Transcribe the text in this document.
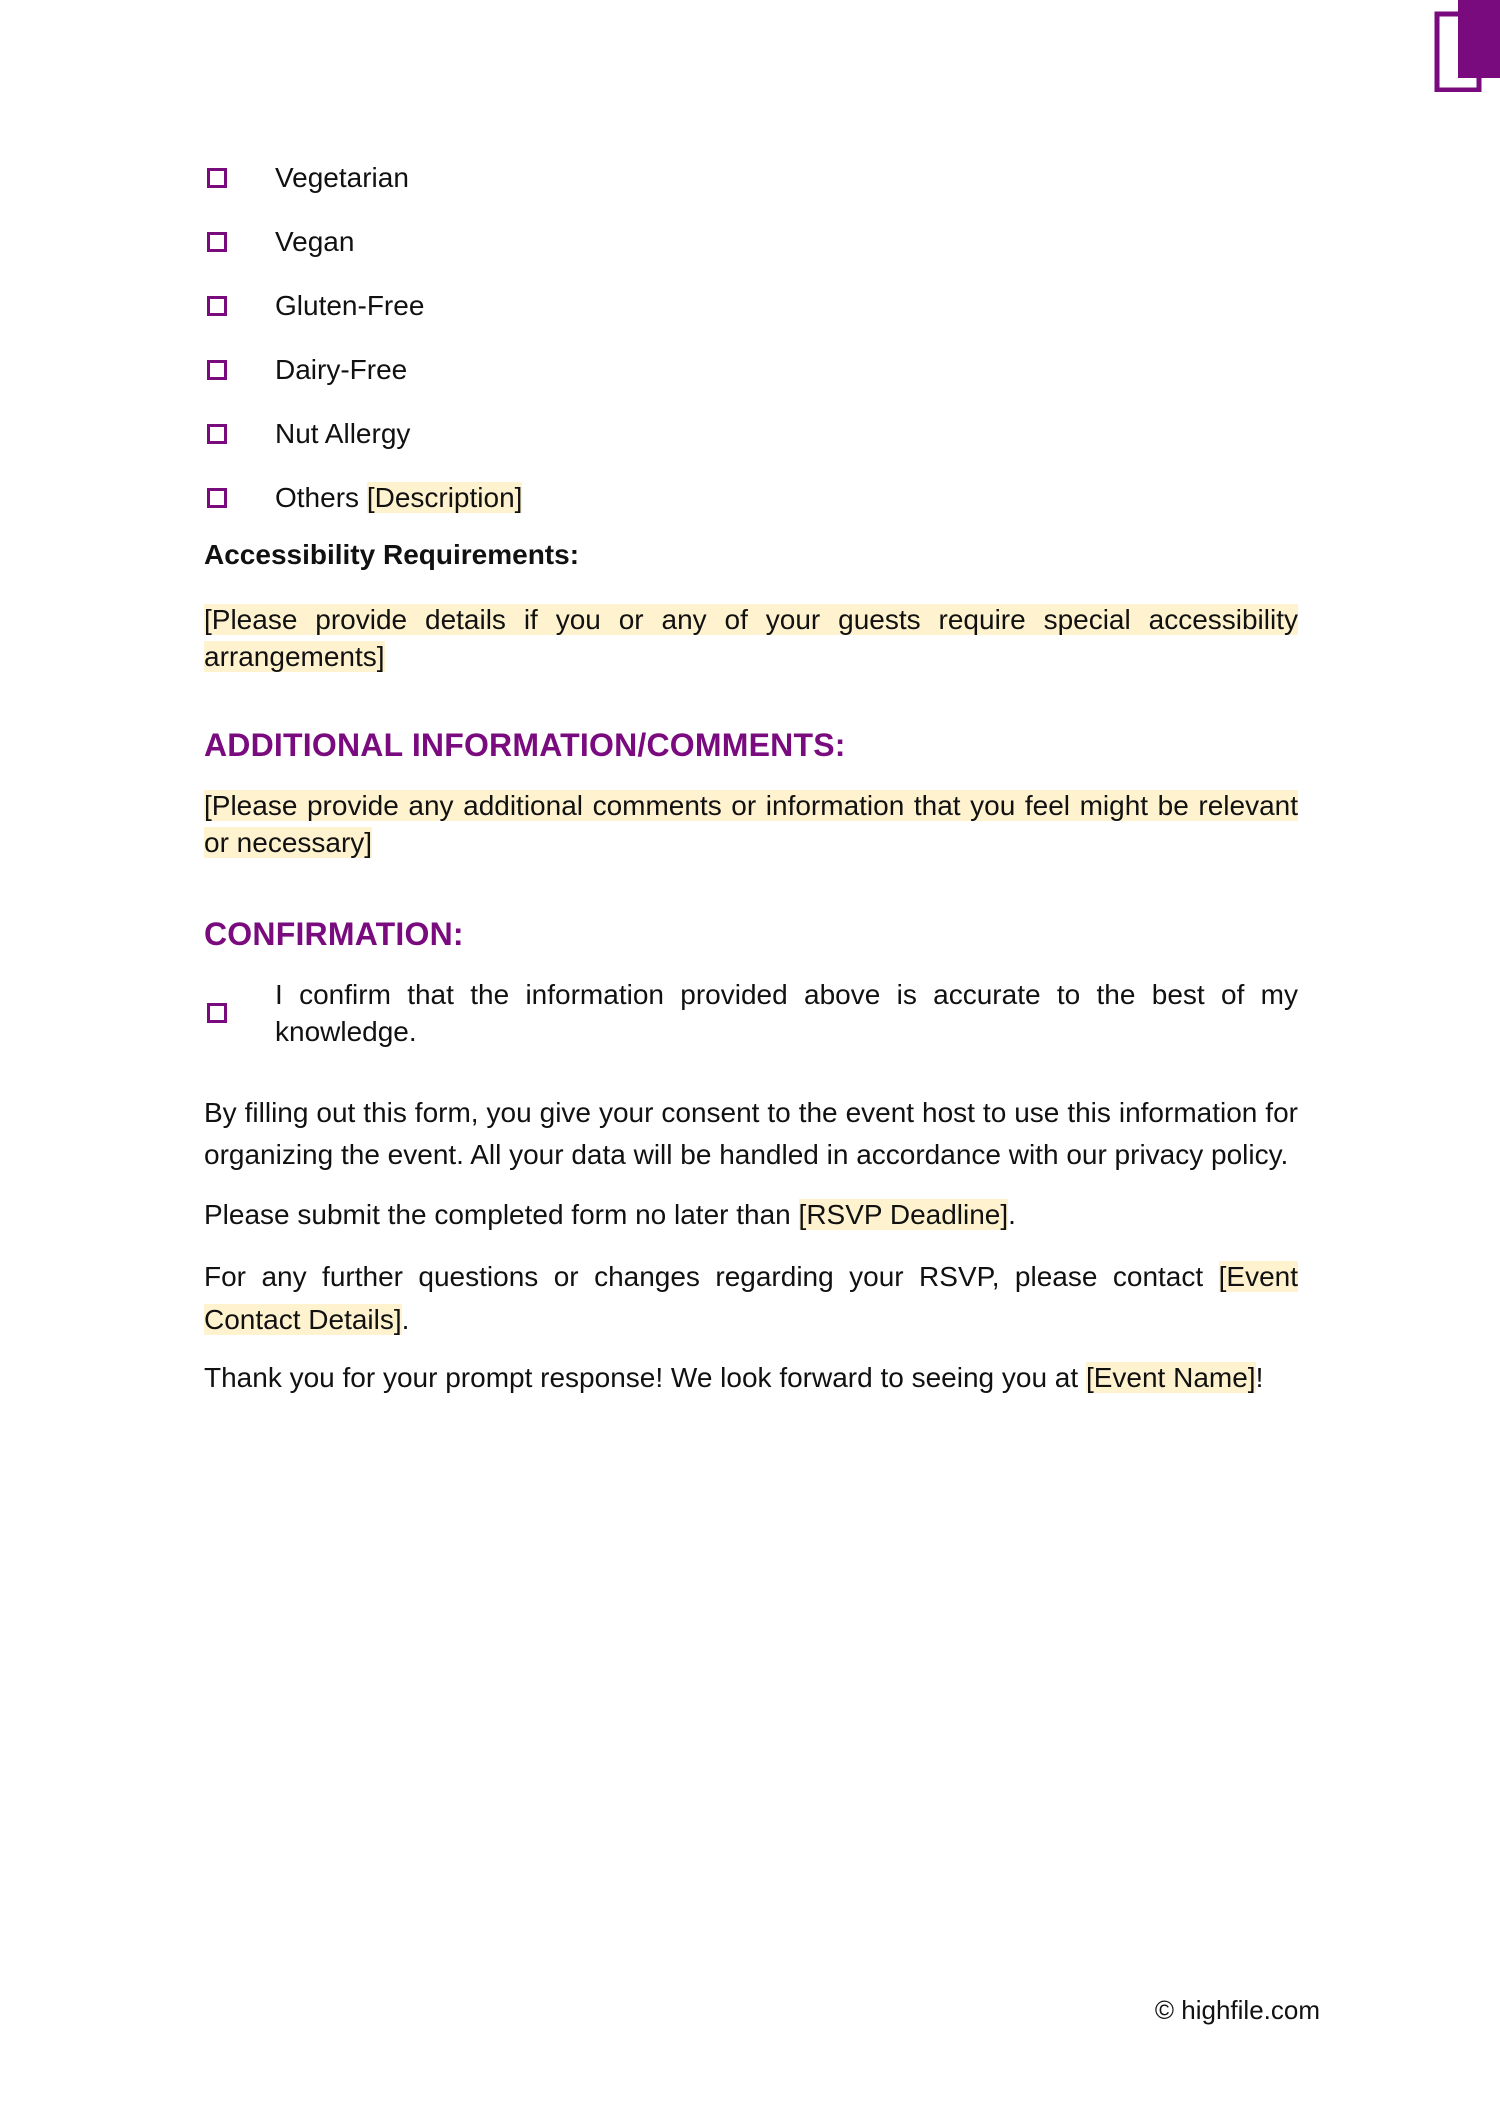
Vegetarian
Vegan
Gluten-Free
Dairy-Free
Nut Allergy
Others [Description]
Accessibility Requirements:

[Please provide details if you or any of your guests require special accessibility arrangements]

ADDITIONAL INFORMATION/COMMENTS:

[Please provide any additional comments or information that you feel might be relevant or necessary]

CONFIRMATION:

I confirm that the information provided above is accurate to the best of my knowledge.

By filling out this form, you give your consent to the event host to use this information for organizing the event. All your data will be handled in accordance with our privacy policy.

Please submit the completed form no later than [RSVP Deadline].

For any further questions or changes regarding your RSVP, please contact [Event Contact Details].

Thank you for your prompt response! We look forward to seeing you at [Event Name]!

© highfile.com
